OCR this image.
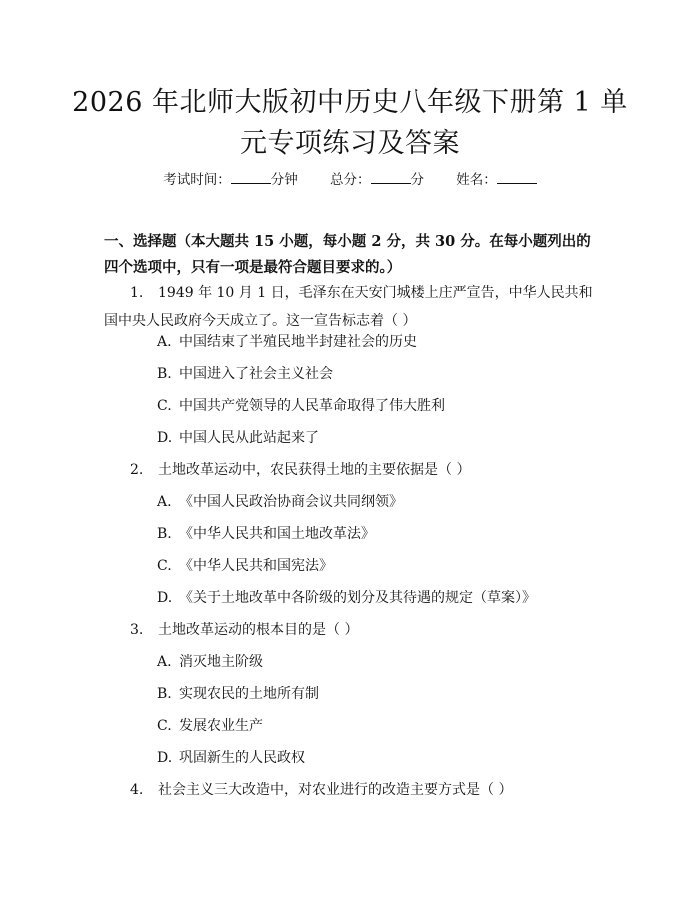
2026 年北师大版初中历史八年级下册第 1 单
元专项练习及答案
考试时间：	分钟 总分：	分 姓名：

一、选择题（本大题共 15 小题，每小题 2 分，共 30 分。在每小题列出的四个选项中，只有一项是最符合题目要求的。）

1. 1949 年 10 月 1 日，毛泽东在天安门城楼上庄严宣告，中华人民共和国中央人民政府今天成立了。这一宣告标志着（ ）

A. 中国结束了半殖民地半封建社会的历史
B. 中国进入了社会主义社会
C. 中国共产党领导的人民革命取得了伟大胜利
D. 中国人民从此站起来了
2. 土地改革运动中，农民获得土地的主要依据是（ ）
A. 《中国人民政治协商会议共同纲领》
B. 《中华人民共和国土地改革法》
C. 《中华人民共和国宪法》
D. 《关于土地改革中各阶级的划分及其待遇的规定（草案）》
3. 土地改革运动的根本目的是（ ）
A. 消灭地主阶级
B. 实现农民的土地所有制
C. 发展农业生产
D. 巩固新生的人民政权
4. 社会主义三大改造中，对农业进行的改造主要方式是（ ）
